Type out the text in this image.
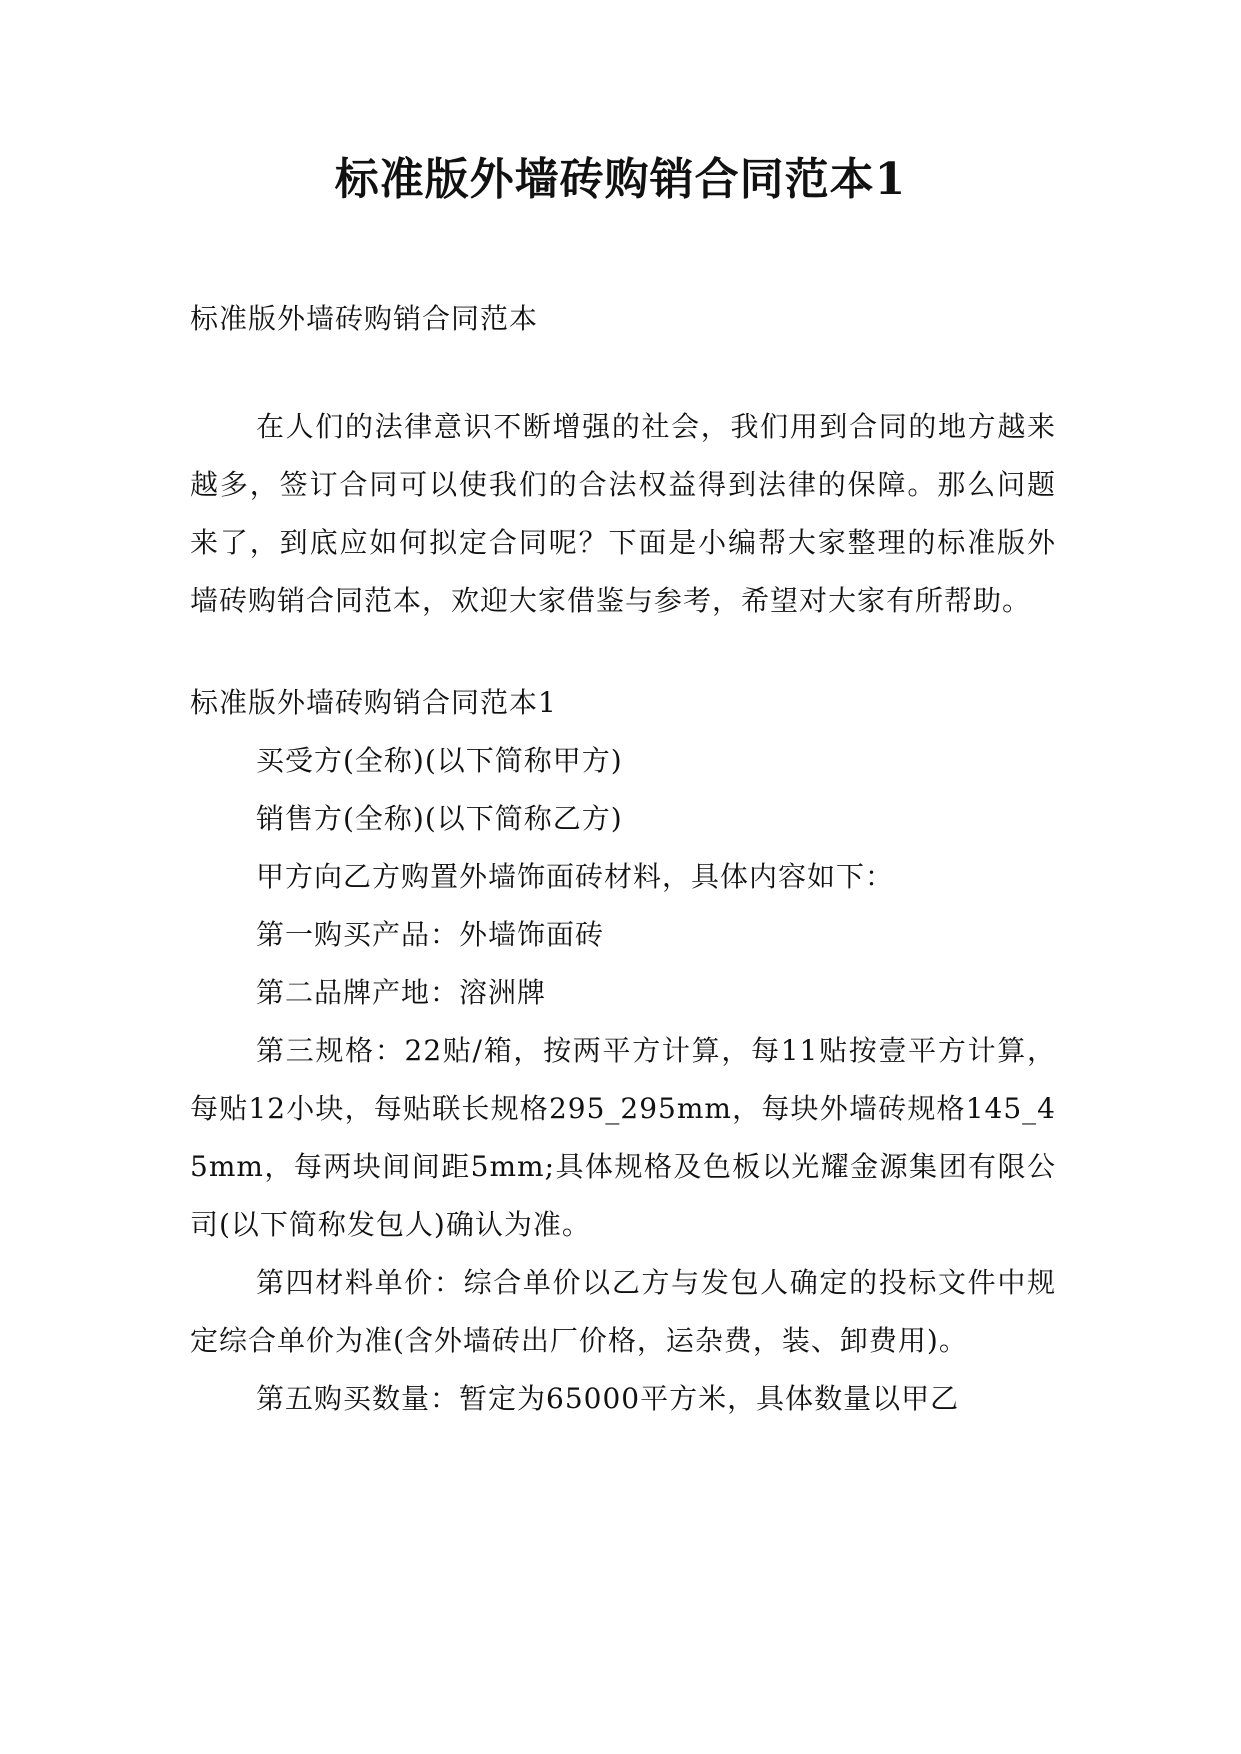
标准版外墙砖购销合同范本1

标准版外墙砖购销合同范本

在人们的法律意识不断增强的社会，我们用到合同的地方越来越多，签订合同可以使我们的合法权益得到法律的保障。那么问题来了，到底应如何拟定合同呢？下面是小编帮大家整理的标准版外墙砖购销合同范本，欢迎大家借鉴与参考，希望对大家有所帮助。

标准版外墙砖购销合同范本1

买受方(全称)(以下简称甲方)

销售方(全称)(以下简称乙方)

甲方向乙方购置外墙饰面砖材料，具体内容如下：

第一购买产品：外墙饰面砖

第二品牌产地：溶洲牌

第三规格：22贴/箱，按两平方计算，每11贴按壹平方计算，每贴12小块，每贴联长规格295_295mm，每块外墙砖规格145_45mm，每两块间间距5mm;具体规格及色板以光耀金源集团有限公司(以下简称发包人)确认为准。

第四材料单价：综合单价以乙方与发包人确定的投标文件中规定综合单价为准(含外墙砖出厂价格，运杂费，装、卸费用)。

第五购买数量：暂定为65000平方米，具体数量以甲乙
